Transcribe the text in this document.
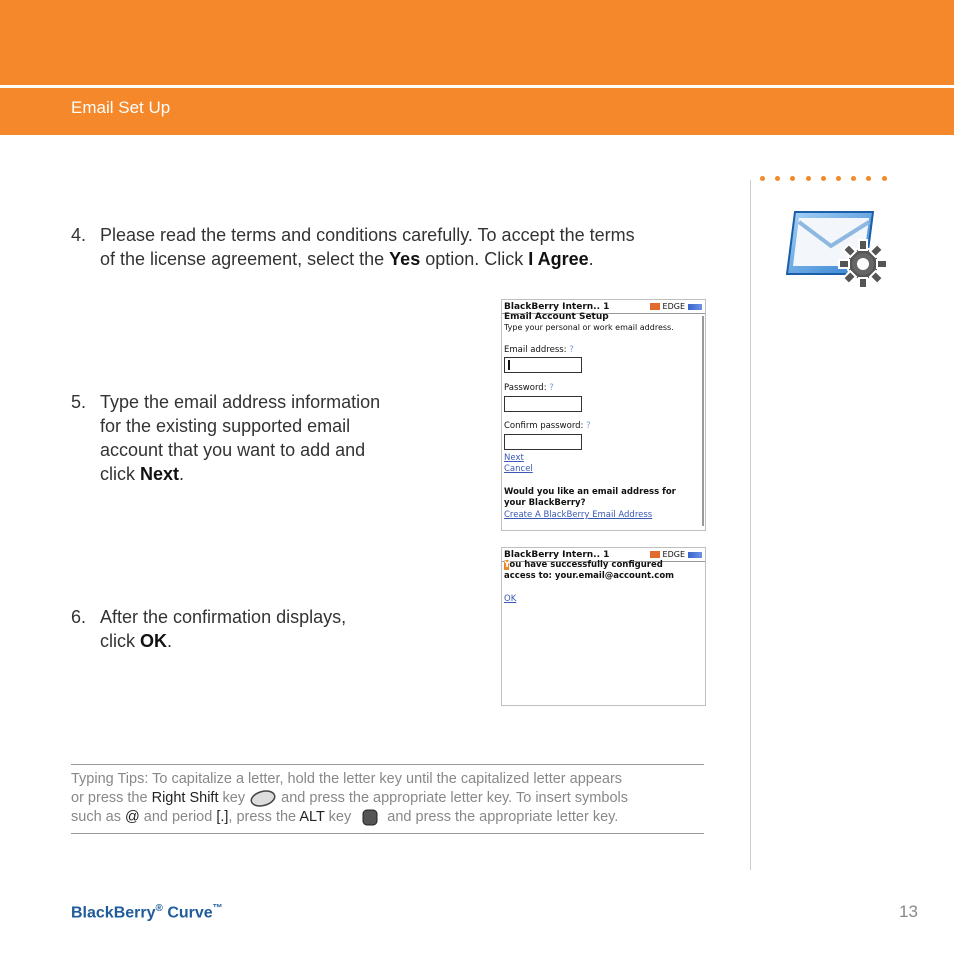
Email Set Up
4. Please read the terms and conditions carefully. To accept the terms
of the license agreement, select the Yes option. Click I Agree.
5. Type the email address information
for the existing supported email
account that you want to add and
click Next.
6. After the confirmation displays,
click OK.
BlackBerry Intern..
1	EDGE
Email Account Setup
Type your personal or work email address.
Email address: ?
Password: ?
Confirm password: ?
Next
Cancel
Would you like an email address for
your BlackBerry?
Create A BlackBerry Email Address
BlackBerry Intern..
1	EDGE
You have successfully configured
access to: your.email@account.com
OK
Typing Tips: To capitalize a letter, hold the letter key until the capitalized letter appears
or press the Right Shift key and press the appropriate letter key. To insert symbols
such as @ and period [.], press the ALT key and press the appropriate letter key.
BlackBerry® Curve™	13
